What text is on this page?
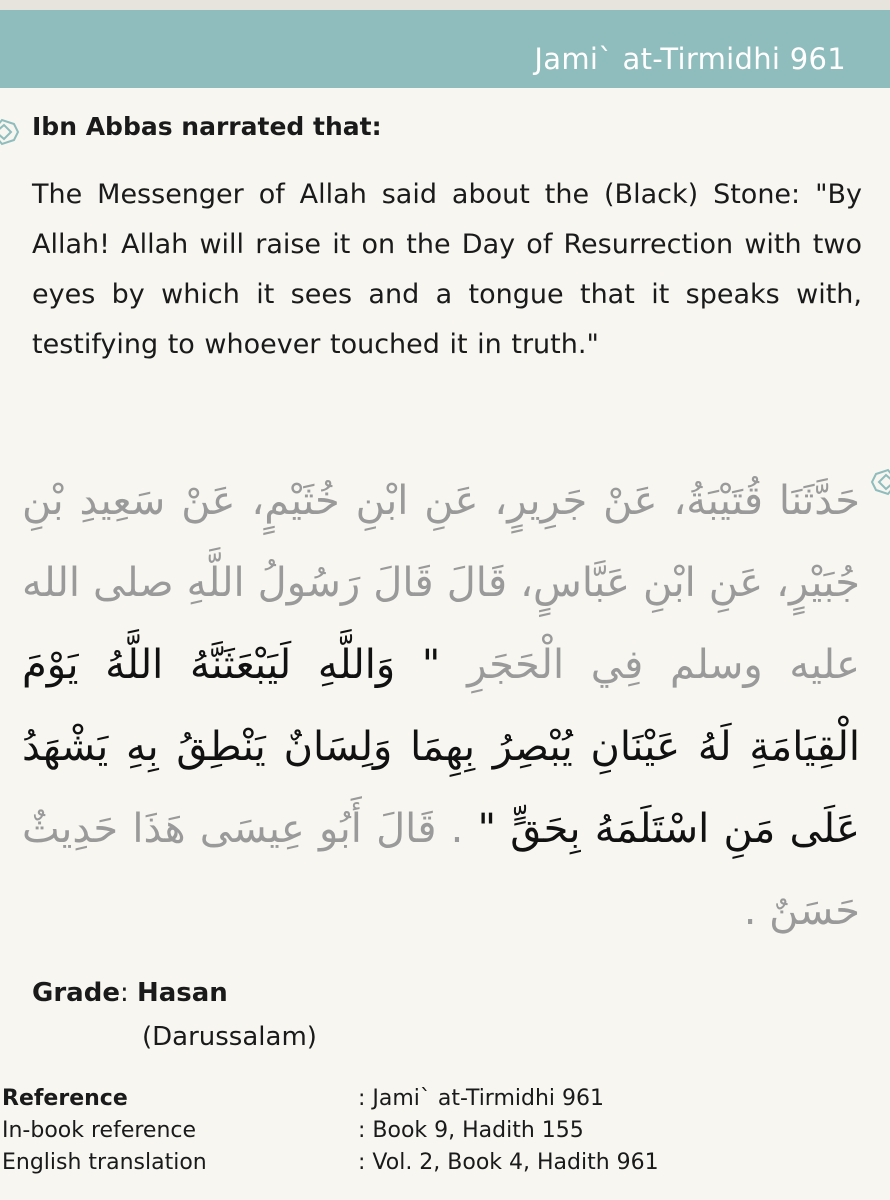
Jami` at-Tirmidhi 961
Ibn Abbas narrated that:
The Messenger of Allah said about the (Black) Stone: "By Allah! Allah will raise it on the Day of Resurrection with two eyes by which it sees and a tongue that it speaks with, testifying to whoever touched it in truth."
حَدَّثَنَا قُتَيْبَةُ، عَنْ جَرِيرٍ، عَنِ ابْنِ خُثَيْمٍ، عَنْ سَعِيدِ بْنِ جُبَيْرٍ، عَنِ ابْنِ عَبَّاسٍ، قَالَ قَالَ رَسُولُ اللَّهِ صلى الله عليه وسلم فِي الْحَجَرِ " وَاللَّهِ لَيَبْعَثَنَّهُ اللَّهُ يَوْمَ الْقِيَامَةِ لَهُ عَيْنَانِ يُبْصِرُ بِهِمَا وَلِسَانٌ يَنْطِقُ بِهِ يَشْهَدُ عَلَى مَنِ اسْتَلَمَهُ بِحَقٍّ " . قَالَ أَبُو عِيسَى هَذَا حَدِيثٌ حَسَنٌ .
Grade: Hasan
(Darussalam)
Reference	: Jami` at-Tirmidhi 961
In-book reference	: Book 9, Hadith 155
English translation	: Vol. 2, Book 4, Hadith 961
